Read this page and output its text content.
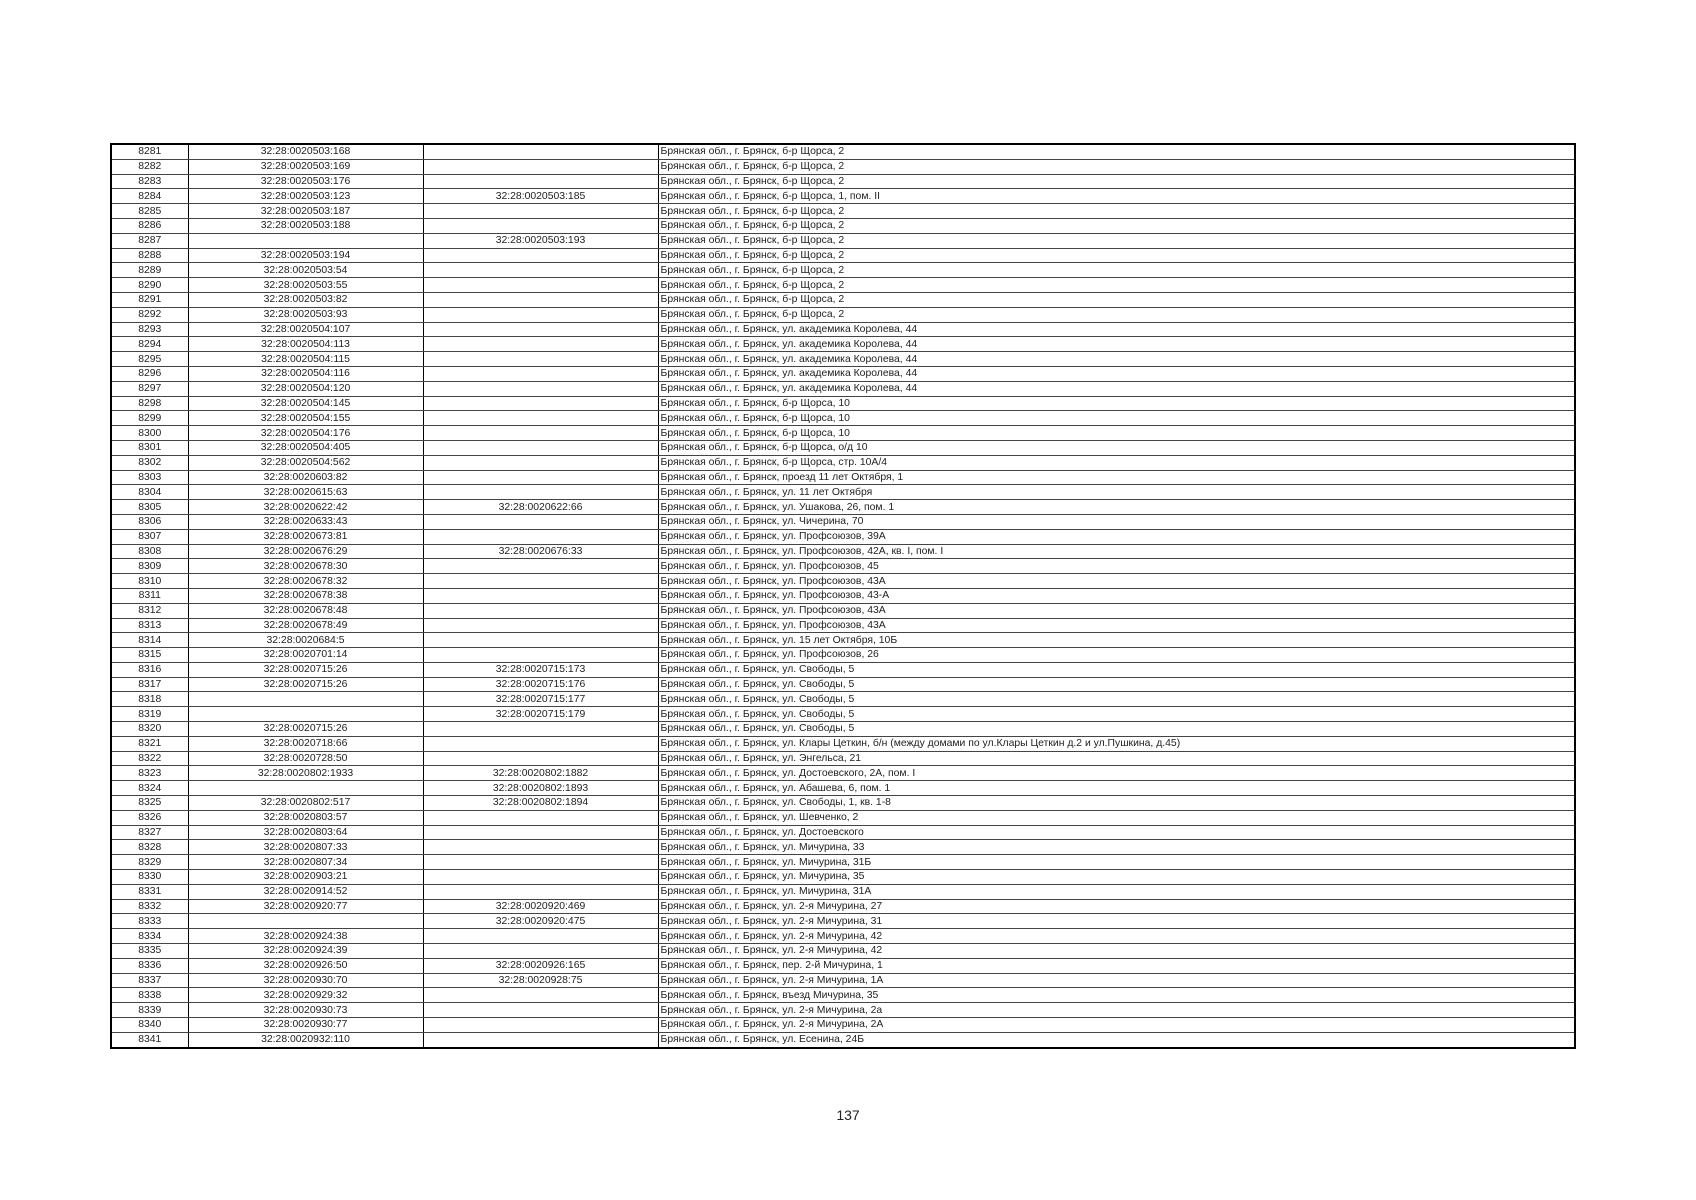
8281	32:28:0020503:168		Брянская обл., г. Брянск, б-р Щорса, 2
8282	32:28:0020503:169		Брянская обл., г. Брянск, б-р Щорса, 2
8283	32:28:0020503:176		Брянская обл., г. Брянск, б-р Щорса, 2
8284	32:28:0020503:123	32:28:0020503:185	Брянская обл., г. Брянск, б-р Щорса, 1, пом. II
8285	32:28:0020503:187		Брянская обл., г. Брянск, б-р Щорса, 2
8286	32:28:0020503:188		Брянская обл., г. Брянск, б-р Щорса, 2
8287		32:28:0020503:193	Брянская обл., г. Брянск, б-р Щорса, 2
8288	32:28:0020503:194		Брянская обл., г. Брянск, б-р Щорса, 2
8289	32:28:0020503:54		Брянская обл., г. Брянск, б-р Щорса, 2
8290	32:28:0020503:55		Брянская обл., г. Брянск, б-р Щорса, 2
8291	32:28:0020503:82		Брянская обл., г. Брянск, б-р Щорса, 2
8292	32:28:0020503:93		Брянская обл., г. Брянск, б-р Щорса, 2
8293	32:28:0020504:107		Брянская обл., г. Брянск, ул. академика Королева, 44
8294	32:28:0020504:113		Брянская обл., г. Брянск, ул. академика Королева, 44
8295	32:28:0020504:115		Брянская обл., г. Брянск, ул. академика Королева, 44
8296	32:28:0020504:116		Брянская обл., г. Брянск, ул. академика Королева, 44
8297	32:28:0020504:120		Брянская обл., г. Брянск, ул. академика Королева, 44
8298	32:28:0020504:145		Брянская обл., г. Брянск, б-р Щорса, 10
8299	32:28:0020504:155		Брянская обл., г. Брянск, б-р Щорса, 10
8300	32:28:0020504:176		Брянская обл., г. Брянск, б-р Щорса, 10
8301	32:28:0020504:405		Брянская обл., г. Брянск, б-р Щорса, о/д 10
8302	32:28:0020504:562		Брянская обл., г. Брянск, б-р Щорса, стр. 10А/4
8303	32:28:0020603:82		Брянская обл., г. Брянск, проезд 11 лет Октября, 1
8304	32:28:0020615:63		Брянская обл., г. Брянск, ул. 11 лет Октября
8305	32:28:0020622:42	32:28:0020622:66	Брянская обл., г. Брянск, ул. Ушакова, 26, пом. 1
8306	32:28:0020633:43		Брянская обл., г. Брянск, ул. Чичерина, 70
8307	32:28:0020673:81		Брянская обл., г. Брянск, ул. Профсоюзов, 39А
8308	32:28:0020676:29	32:28:0020676:33	Брянская обл., г. Брянск, ул. Профсоюзов, 42А, кв. I, пом. I
8309	32:28:0020678:30		Брянская обл., г. Брянск, ул. Профсоюзов, 45
8310	32:28:0020678:32		Брянская обл., г. Брянск, ул. Профсоюзов, 43А
8311	32:28:0020678:38		Брянская обл., г. Брянск, ул. Профсоюзов, 43-А
8312	32:28:0020678:48		Брянская обл., г. Брянск, ул. Профсоюзов, 43А
8313	32:28:0020678:49		Брянская обл., г. Брянск, ул. Профсоюзов, 43А
8314	32:28:0020684:5		Брянская обл., г. Брянск, ул. 15 лет Октября, 10Б
8315	32:28:0020701:14		Брянская обл., г. Брянск, ул. Профсоюзов, 26
8316	32:28:0020715:26	32:28:0020715:173	Брянская обл., г. Брянск, ул. Свободы, 5
8317	32:28:0020715:26	32:28:0020715:176	Брянская обл., г. Брянск, ул. Свободы, 5
8318		32:28:0020715:177	Брянская обл., г. Брянск, ул. Свободы, 5
8319		32:28:0020715:179	Брянская обл., г. Брянск, ул. Свободы, 5
8320	32:28:0020715:26		Брянская обл., г. Брянск, ул. Свободы, 5
8321	32:28:0020718:66		Брянская обл., г. Брянск, ул. Клары Цеткин, б/н (между домами по ул.Клары Цеткин д.2 и ул.Пушкина, д.45)
8322	32:28:0020728:50		Брянская обл., г. Брянск, ул. Энгельса, 21
8323	32:28:0020802:1933	32:28:0020802:1882	Брянская обл., г. Брянск, ул. Достоевского, 2А, пом. I
8324		32:28:0020802:1893	Брянская обл., г. Брянск, ул. Абашева, 6, пом. 1
8325	32:28:0020802:517	32:28:0020802:1894	Брянская обл., г. Брянск, ул. Свободы, 1, кв. 1-8
8326	32:28:0020803:57		Брянская обл., г. Брянск, ул. Шевченко, 2
8327	32:28:0020803:64		Брянская обл., г. Брянск, ул. Достоевского
8328	32:28:0020807:33		Брянская обл., г. Брянск, ул. Мичурина, 33
8329	32:28:0020807:34		Брянская обл., г. Брянск, ул. Мичурина, 31Б
8330	32:28:0020903:21		Брянская обл., г. Брянск, ул. Мичурина, 35
8331	32:28:0020914:52		Брянская обл., г. Брянск, ул. Мичурина, 31А
8332	32:28:0020920:77	32:28:0020920:469	Брянская обл., г. Брянск, ул. 2-я Мичурина, 27
8333		32:28:0020920:475	Брянская обл., г. Брянск, ул. 2-я Мичурина, 31
8334	32:28:0020924:38		Брянская обл., г. Брянск, ул. 2-я Мичурина, 42
8335	32:28:0020924:39		Брянская обл., г. Брянск, ул. 2-я Мичурина, 42
8336	32:28:0020926:50	32:28:0020926:165	Брянская обл., г. Брянск, пер. 2-й Мичурина, 1
8337	32:28:0020930:70	32:28:0020928:75	Брянская обл., г. Брянск, ул. 2-я Мичурина, 1А
8338	32:28:0020929:32		Брянская обл., г. Брянск, въезд Мичурина, 35
8339	32:28:0020930:73		Брянская обл., г. Брянск, ул. 2-я Мичурина, 2а
8340	32:28:0020930:77		Брянская обл., г. Брянск, ул. 2-я Мичурина, 2А
8341	32:28:0020932:110		Брянская обл., г. Брянск, ул. Есенина, 24Б
137
